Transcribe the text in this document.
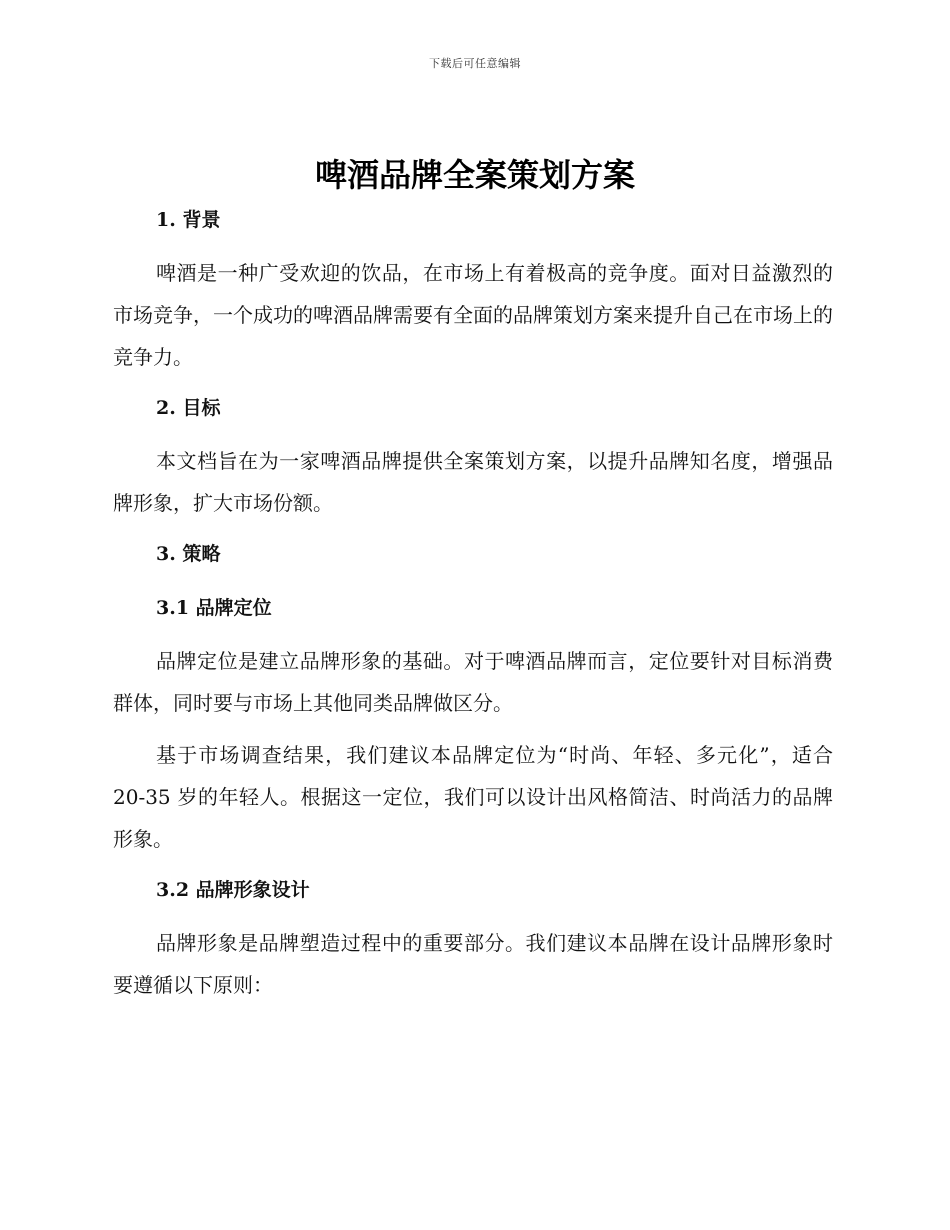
下载后可任意编辑
啤酒品牌全案策划方案
1. 背景

啤酒是一种广受欢迎的饮品，在市场上有着极高的竞争度。面对日益激烈的市场竞争，一个成功的啤酒品牌需要有全面的品牌策划方案来提升自己在市场上的竞争力。

2. 目标

本文档旨在为一家啤酒品牌提供全案策划方案，以提升品牌知名度，增强品牌形象，扩大市场份额。

3. 策略
3.1 品牌定位

品牌定位是建立品牌形象的基础。对于啤酒品牌而言，定位要针对目标消费群体，同时要与市场上其他同类品牌做区分。

基于市场调查结果，我们建议本品牌定位为“时尚、年轻、多元化”，适合 20-35 岁的年轻人。根据这一定位，我们可以设计出风格简洁、时尚活力的品牌形象。

3.2 品牌形象设计

品牌形象是品牌塑造过程中的重要部分。我们建议本品牌在设计品牌形象时要遵循以下原则：
